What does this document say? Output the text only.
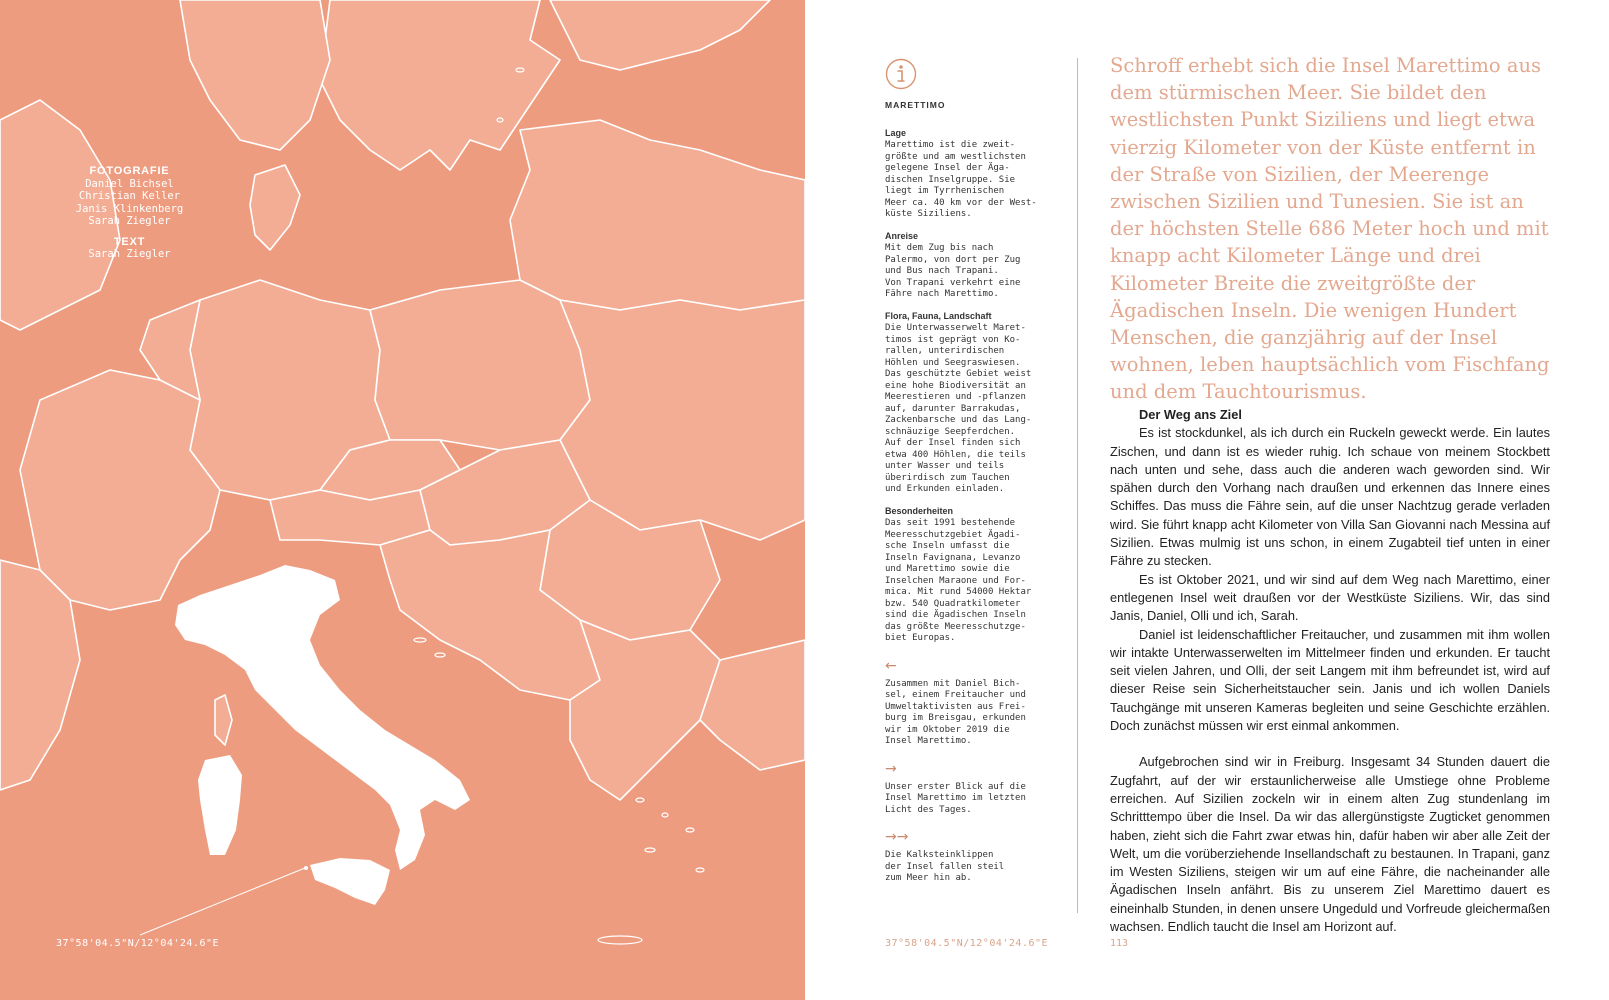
FOTOGRAFIE
Daniel Bichsel
Christian Keller
Janis Klinkenberg
Sarah Ziegler
TEXT
Sarah Ziegler
37°58'04.5"N/12°04'24.6"E
MARETTIMO
Lage
Marettimo ist die zweit-
größte und am westlichsten
gelegene Insel der Ägа-
dischen Inselgruppe. Sie
liegt im Tyrrhenischen
Meer ca. 40 km vor der West-
küste Siziliens.
Anreise
Mit dem Zug bis nach
Palermo, von dort per Zug
und Bus nach Trapani.
Von Trapani verkehrt eine
Fähre nach Marettimo.
Flora, Fauna, Landschaft
Die Unterwasserwelt Maret-
timos ist geprägt von Ko-
rallen, unterirdischen
Höhlen und Seegraswiesen.
Das geschützte Gebiet weist
eine hohe Biodiversität an
Meerestieren und -pflanzen
auf, darunter Barrakudas,
Zackenbarsche und das Lang-
schnäuzige Seepferdchen.
Auf der Insel finden sich
etwa 400 Höhlen, die teils
unter Wasser und teils
überirdisch zum Tauchen
und Erkunden einladen.
Besonderheiten
Das seit 1991 bestehende
Meeresschutzgebiet Ägadi-
sche Inseln umfasst die
Inseln Favignana, Levanzo
und Marettimo sowie die
Inselchen Maraone und For-
mica. Mit rund 54000 Hektar
bzw. 540 Quadratkilometer
sind die Ägadischen Inseln
das größte Meeresschutzge-
biet Europas.
←
Zusammen mit Daniel Bich-
sel, einem Freitaucher und
Umweltaktivisten aus Frei-
burg im Breisgau, erkunden
wir im Oktober 2019 die
Insel Marettimo.
→
Unser erster Blick auf die
Insel Marettimo im letzten
Licht des Tages.
→→
Die Kalksteinklippen
der Insel fallen steil
zum Meer hin ab.
Schroff erhebt sich die Insel Marettimo aus dem stürmischen Meer. Sie bildet den westlichsten Punkt Siziliens und liegt etwa vierzig Kilometer von der Küste entfernt in der Straße von Sizilien, der Meerenge zwischen Sizilien und Tunesien. Sie ist an der höchsten Stelle 686 Meter hoch und mit knapp acht Kilometer Länge und drei Kilometer Breite die zweitgrößte der Ägadischen Inseln. Die wenigen Hundert Menschen, die ganzjährig auf der Insel wohnen, leben hauptsächlich vom Fischfang und dem Tauchtourismus.
Der Weg ans Ziel

Es ist stockdunkel, als ich durch ein Ruckeln geweckt werde. Ein lautes Zischen, und dann ist es wieder ruhig. Ich schaue von meinem Stockbett nach unten und sehe, dass auch die anderen wach geworden sind. Wir spähen durch den Vorhang nach draußen und erkennen das Innere eines Schiffes. Das muss die Fähre sein, auf die unser Nachtzug gerade verladen wird. Sie führt knapp acht Kilometer von Villa San Giovanni nach Messina auf Sizilien. Etwas mulmig ist uns schon, in einem Zugabteil tief unten in einer Fähre zu stecken.

Es ist Oktober 2021, und wir sind auf dem Weg nach Marettimo, einer entlegenen Insel weit draußen vor der Westküste Siziliens. Wir, das sind Janis, Daniel, Olli und ich, Sarah.

Daniel ist leidenschaftlicher Freitaucher, und zusammen mit ihm wollen wir intakte Unterwasserwelten im Mittelmeer finden und erkunden. Er taucht seit vielen Jahren, und Olli, der seit Langem mit ihm befreundet ist, wird auf dieser Reise sein Sicherheitstaucher sein. Janis und ich wollen Daniels Tauchgänge mit unseren Kameras begleiten und seine Geschichte erzählen. Doch zunächst müssen wir erst einmal ankommen.

Aufgebrochen sind wir in Freiburg. Insgesamt 34 Stunden dauert die Zugfahrt, auf der wir erstaunlicherweise alle Umstiege ohne Probleme erreichen. Auf Sizilien zockeln wir in einem alten Zug stundenlang im Schritttempo über die Insel. Da wir das allergünstigste Zugticket genommen haben, zieht sich die Fahrt zwar etwas hin, dafür haben wir aber alle Zeit der Welt, um die vorüberziehende Insellandschaft zu bestaunen. In Trapani, ganz im Westen Siziliens, steigen wir um auf eine Fähre, die nacheinander alle Ägadischen Inseln anfährt. Bis zu unserem Ziel Marettimo dauert es eineinhalb Stunden, in denen unsere Ungeduld und Vorfreude gleichermaßen wachsen. Endlich taucht die Insel am Horizont auf.

37°58'04.5"N/12°04'24.6"E	113
